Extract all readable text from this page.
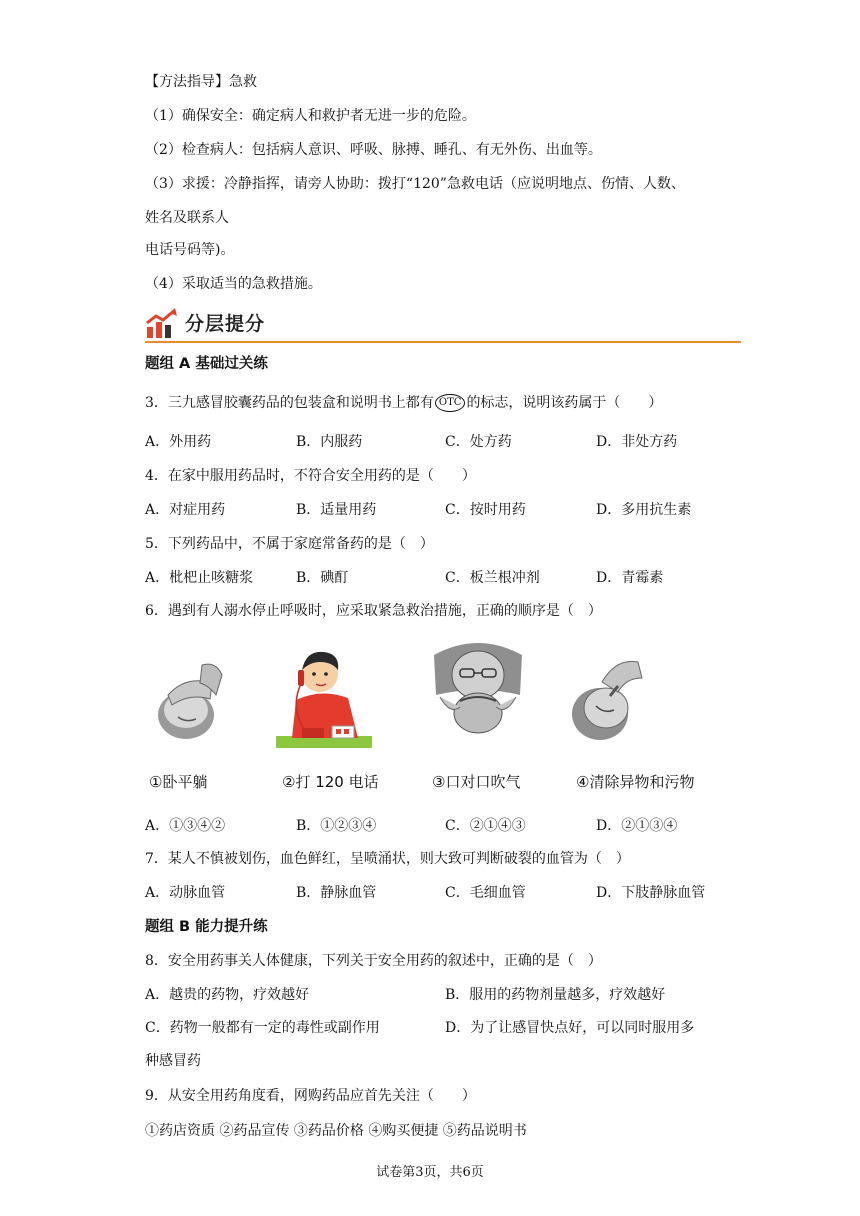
【方法指导】急救
（1）确保安全：确定病人和救护者无进一步的危险。
（2）检查病人：包括病人意识、呼吸、脉搏、睡孔、有无外伤、出血等。
（3）求援：冷静指挥，请旁人协助：拨打“120”急救电话（应说明地点、伤情、人数、
姓名及联系人
电话号码等)。
（4）采取适当的急救措施。
分层提分
题组 A 基础过关练
3．三九感冒胶囊药品的包装盒和说明书上都有 OTC 的标志，说明该药属于（　　）
A．外用药	B．内服药	C．处方药	D．非处方药
4．在家中服用药品时，不符合安全用药的是（　　）
A．对症用药	B．适量用药	C．按时用药	D．多用抗生素
5．下列药品中，不属于家庭常备药的是（　）
A．枇杷止咳糖浆	B．碘酊	C．板兰根冲剂	D．青霉素
6．遇到有人溺水停止呼吸时，应采取紧急救治措施，正确的顺序是（　）
①卧平躺	②打 120 电话	③口对口吹气	④清除异物和污物
A．①③④②	B．①②③④	C．②①④③	D．②①③④
7．某人不慎被划伤，血色鲜红，呈喷涌状，则大致可判断破裂的血管为（　）
A．动脉血管	B．静脉血管	C．毛细血管	D．下肢静脉血管
题组 B 能力提升练
8．安全用药事关人体健康，下列关于安全用药的叙述中，正确的是（　）
A．越贵的药物，疗效越好	B．服用的药物剂量越多，疗效越好
C．药物一般都有一定的毒性或副作用	D．为了让感冒快点好，可以同时服用多
种感冒药
9．从安全用药角度看，网购药品应首先关注（　　）
①药店资质 ②药品宣传 ③药品价格 ④购买便捷 ⑤药品说明书
试卷第3页，共6页
